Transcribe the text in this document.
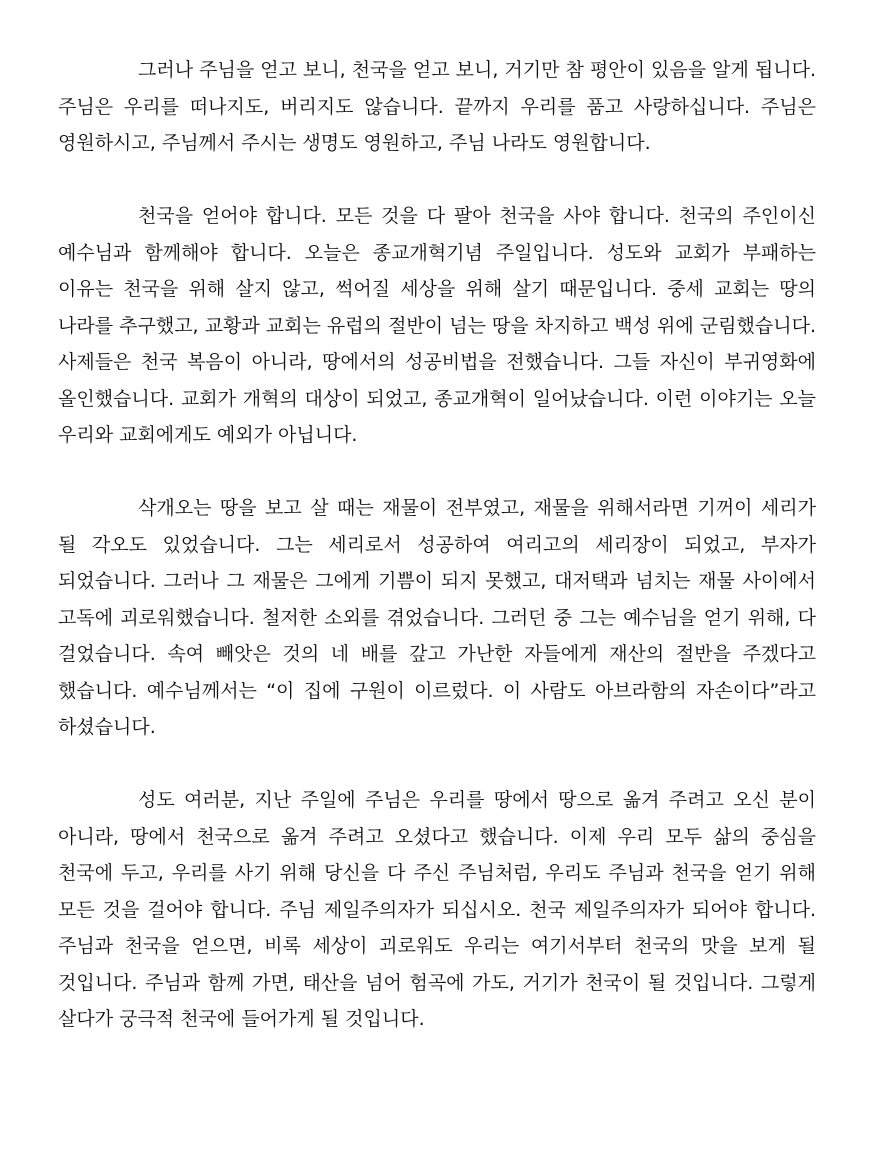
그러나 주님을 얻고 보니, 천국을 얻고 보니, 거기만 참 평안이 있음을 알게 됩니다. 주님은 우리를 떠나지도, 버리지도 않습니다. 끝까지 우리를 품고 사랑하십니다. 주님은 영원하시고, 주님께서 주시는 생명도 영원하고, 주님 나라도 영원합니다.

천국을 얻어야 합니다. 모든 것을 다 팔아 천국을 사야 합니다. 천국의 주인이신 예수님과 함께해야 합니다. 오늘은 종교개혁기념 주일입니다. 성도와 교회가 부패하는 이유는 천국을 위해 살지 않고, 썩어질 세상을 위해 살기 때문입니다. 중세 교회는 땅의 나라를 추구했고, 교황과 교회는 유럽의 절반이 넘는 땅을 차지하고 백성 위에 군림했습니다. 사제들은 천국 복음이 아니라, 땅에서의 성공비법을 전했습니다. 그들 자신이 부귀영화에 올인했습니다. 교회가 개혁의 대상이 되었고, 종교개혁이 일어났습니다. 이런 이야기는 오늘 우리와 교회에게도 예외가 아닙니다.

삭개오는 땅을 보고 살 때는 재물이 전부였고, 재물을 위해서라면 기꺼이 세리가 될 각오도 있었습니다. 그는 세리로서 성공하여 여리고의 세리장이 되었고, 부자가 되었습니다. 그러나 그 재물은 그에게 기쁨이 되지 못했고, 대저택과 넘치는 재물 사이에서 고독에 괴로워했습니다. 철저한 소외를 겪었습니다. 그러던 중 그는 예수님을 얻기 위해, 다 걸었습니다. 속여 빼앗은 것의 네 배를 갚고 가난한 자들에게 재산의 절반을 주겠다고 했습니다. 예수님께서는 “이 집에 구원이 이르렀다. 이 사람도 아브라함의 자손이다”라고 하셨습니다.

성도 여러분, 지난 주일에 주님은 우리를 땅에서 땅으로 옮겨 주려고 오신 분이 아니라, 땅에서 천국으로 옮겨 주려고 오셨다고 했습니다. 이제 우리 모두 삶의 중심을 천국에 두고, 우리를 사기 위해 당신을 다 주신 주님처럼, 우리도 주님과 천국을 얻기 위해 모든 것을 걸어야 합니다. 주님 제일주의자가 되십시오. 천국 제일주의자가 되어야 합니다. 주님과 천국을 얻으면, 비록 세상이 괴로워도 우리는 여기서부터 천국의 맛을 보게 될 것입니다. 주님과 함께 가면, 태산을 넘어 험곡에 가도, 거기가 천국이 될 것입니다. 그렇게 살다가 궁극적 천국에 들어가게 될 것입니다.
